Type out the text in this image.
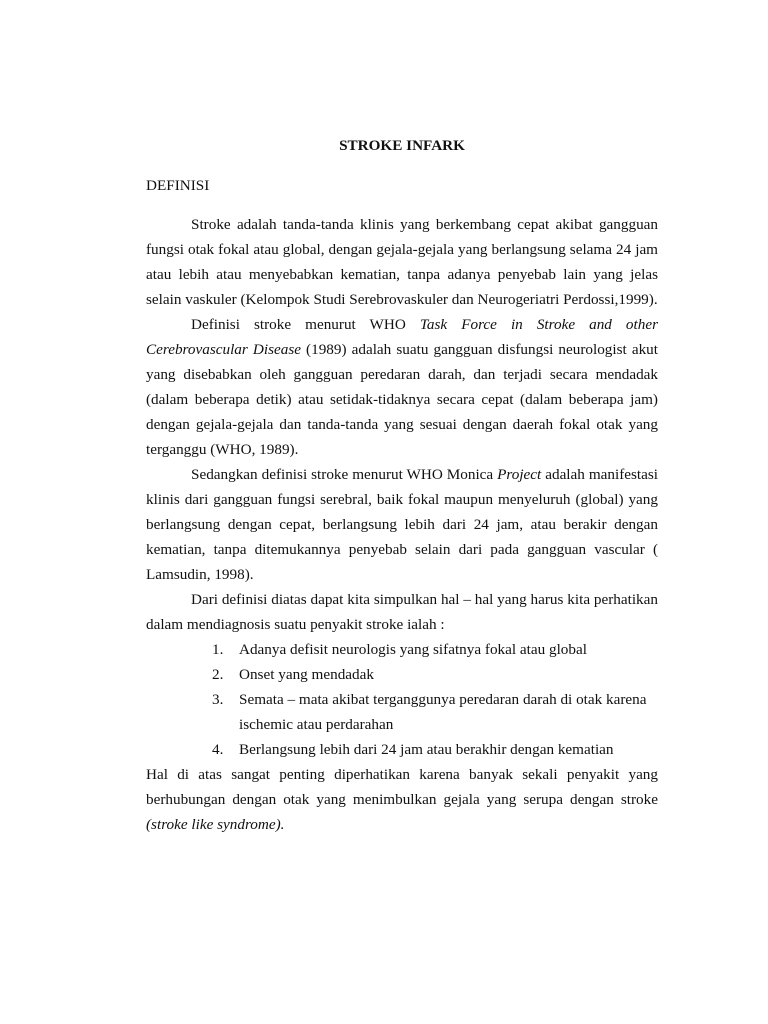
STROKE INFARK
DEFINISI

Stroke adalah tanda-tanda klinis yang berkembang cepat akibat gangguan fungsi otak fokal atau global, dengan gejala-gejala yang berlangsung selama 24 jam atau lebih atau menyebabkan kematian, tanpa adanya penyebab lain yang jelas selain vaskuler (Kelompok Studi Serebrovaskuler dan Neurogeriatri Perdossi,1999).

Definisi stroke menurut WHO Task Force in Stroke and other Cerebrovascular Disease (1989) adalah suatu gangguan disfungsi neurologist akut yang disebabkan oleh gangguan peredaran darah, dan terjadi secara mendadak (dalam beberapa detik) atau setidak-tidaknya secara cepat (dalam beberapa jam) dengan gejala-gejala dan tanda-tanda yang sesuai dengan daerah fokal otak yang terganggu (WHO, 1989).

Sedangkan definisi stroke menurut WHO Monica Project adalah manifestasi klinis dari gangguan fungsi serebral, baik fokal maupun menyeluruh (global) yang berlangsung dengan cepat, berlangsung lebih dari 24 jam, atau berakir dengan kematian, tanpa ditemukannya penyebab selain dari pada gangguan vascular ( Lamsudin, 1998).

Dari definisi diatas dapat kita simpulkan hal – hal yang harus kita perhatikan dalam mendiagnosis suatu penyakit stroke ialah :

1. Adanya defisit neurologis yang sifatnya fokal atau global
2. Onset yang mendadak
3. Semata – mata akibat terganggunya peredaran darah di otak karena ischemic atau perdarahan
4. Berlangsung lebih dari 24 jam atau berakhir dengan kematian

Hal di atas sangat penting diperhatikan karena banyak sekali penyakit yang berhubungan dengan otak yang menimbulkan gejala yang serupa dengan stroke (stroke like syndrome).
